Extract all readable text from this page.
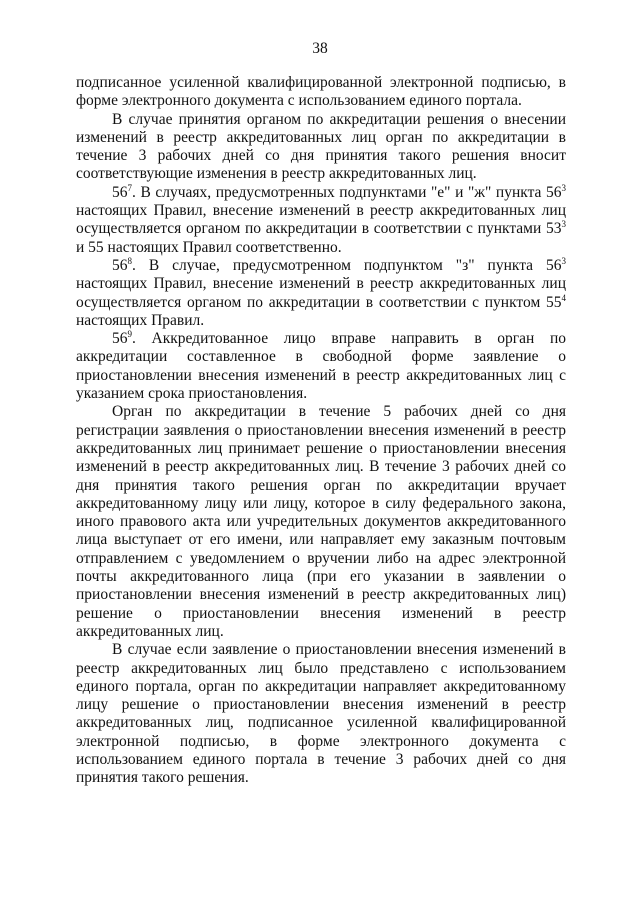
38

подписанное усиленной квалифицированной электронной подписью, в форме электронного документа с использованием единого портала.

В случае принятия органом по аккредитации решения о внесении изменений в реестр аккредитованных лиц орган по аккредитации в течение 3 рабочих дней со дня принятия такого решения вносит соответствующие изменения в реестр аккредитованных лиц.

$56^7$. В случаях, предусмотренных подпунктами "е" и "ж" пункта $56^3$ настоящих Правил, внесение изменений в реестр аккредитованных лиц осуществляется органом по аккредитации в соответствии с пунктами $53^3$ и 55 настоящих Правил соответственно.

$56^8$. В случае, предусмотренном подпунктом "з" пункта $56^3$ настоящих Правил, внесение изменений в реестр аккредитованных лиц осуществляется органом по аккредитации в соответствии с пунктом $55^4$ настоящих Правил.

$56^9$. Аккредитованное лицо вправе направить в орган по аккредитации составленное в свободной форме заявление о приостановлении внесения изменений в реестр аккредитованных лиц с указанием срока приостановления.

Орган по аккредитации в течение 5 рабочих дней со дня регистрации заявления о приостановлении внесения изменений в реестр аккредитованных лиц принимает решение о приостановлении внесения изменений в реестр аккредитованных лиц. В течение 3 рабочих дней со дня принятия такого решения орган по аккредитации вручает аккредитованному лицу или лицу, которое в силу федерального закона, иного правового акта или учредительных документов аккредитованного лица выступает от его имени, или направляет ему заказным почтовым отправлением с уведомлением о вручении либо на адрес электронной почты аккредитованного лица (при его указании в заявлении о приостановлении внесения изменений в реестр аккредитованных лиц) решение о приостановлении внесения изменений в реестр аккредитованных лиц.

В случае если заявление о приостановлении внесения изменений в реестр аккредитованных лиц было представлено с использованием единого портала, орган по аккредитации направляет аккредитованному лицу решение о приостановлении внесения изменений в реестр аккредитованных лиц, подписанное усиленной квалифицированной электронной подписью, в форме электронного документа с использованием единого портала в течение 3 рабочих дней со дня принятия такого решения.
